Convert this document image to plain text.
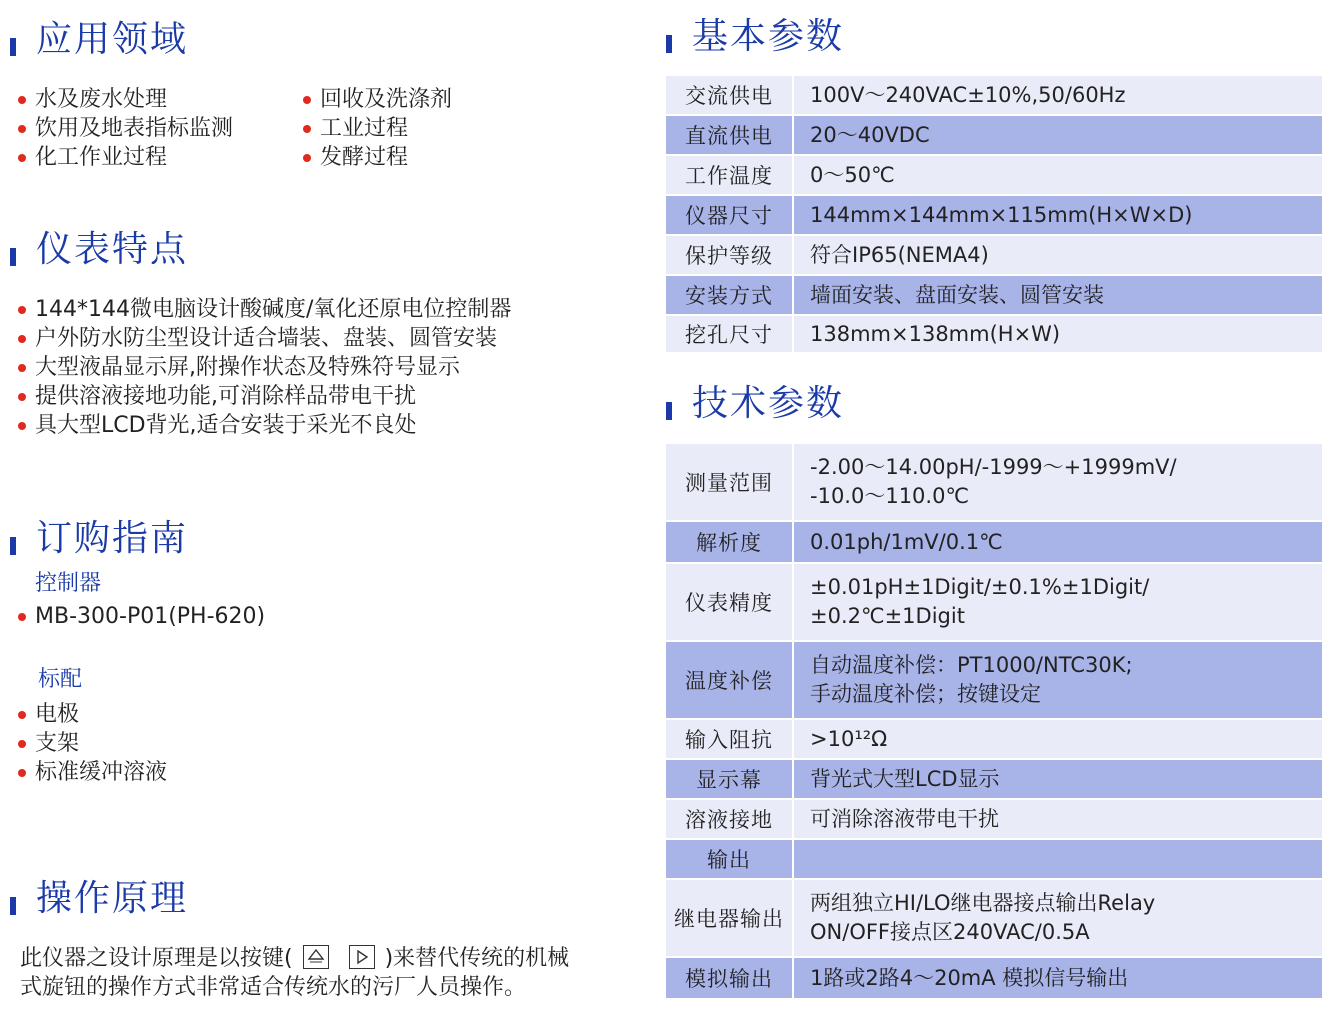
应用领域
水及废水处理
饮用及地表指标监测
化工作业过程
回收及洗涤剂
工业过程
发酵过程
仪表特点
144*144微电脑设计酸碱度/氧化还原电位控制器
户外防水防尘型设计适合墙装、盘装、圆管安装
大型液晶显示屏,附操作状态及特殊符号显示
提供溶液接地功能,可消除样品带电干扰
具大型LCD背光,适合安装于采光不良处
订购指南
控制器
MB-300-P01(PH-620)
标配
电极
支架
标准缓冲溶液
操作原理
此仪器之设计原理是以按键(	)来替代传统的机械
式旋钮的操作方式非常适合传统水的污厂人员操作。
基本参数
交流供电	100V～240VAC±10%,50/60Hz
直流供电	20～40VDC
工作温度	0～50℃
仪器尺寸	144mm×144mm×115mm(H×W×D)
保护等级	符合IP65(NEMA4)
安装方式	墙面安装、盘面安装、圆管安装
挖孔尺寸	138mm×138mm(H×W)
技术参数
测量范围	-2.00～14.00pH/-1999～+1999mV/
-10.0～110.0℃
解析度	0.01ph/1mV/0.1℃
仪表精度	±0.01pH±1Digit/±0.1%±1Digit/
±0.2℃±1Digit
温度补偿	自动温度补偿：PT1000/NTC30K;
手动温度补偿；按键设定
输入阻抗	>10¹²Ω
显示幕	背光式大型LCD显示
溶液接地	可消除溶液带电干扰
输出	
继电器输出	两组独立HI/LO继电器接点输出Relay
ON/OFF接点区240VAC/0.5A
模拟输出	1路或2路4～20mA 模拟信号输出
